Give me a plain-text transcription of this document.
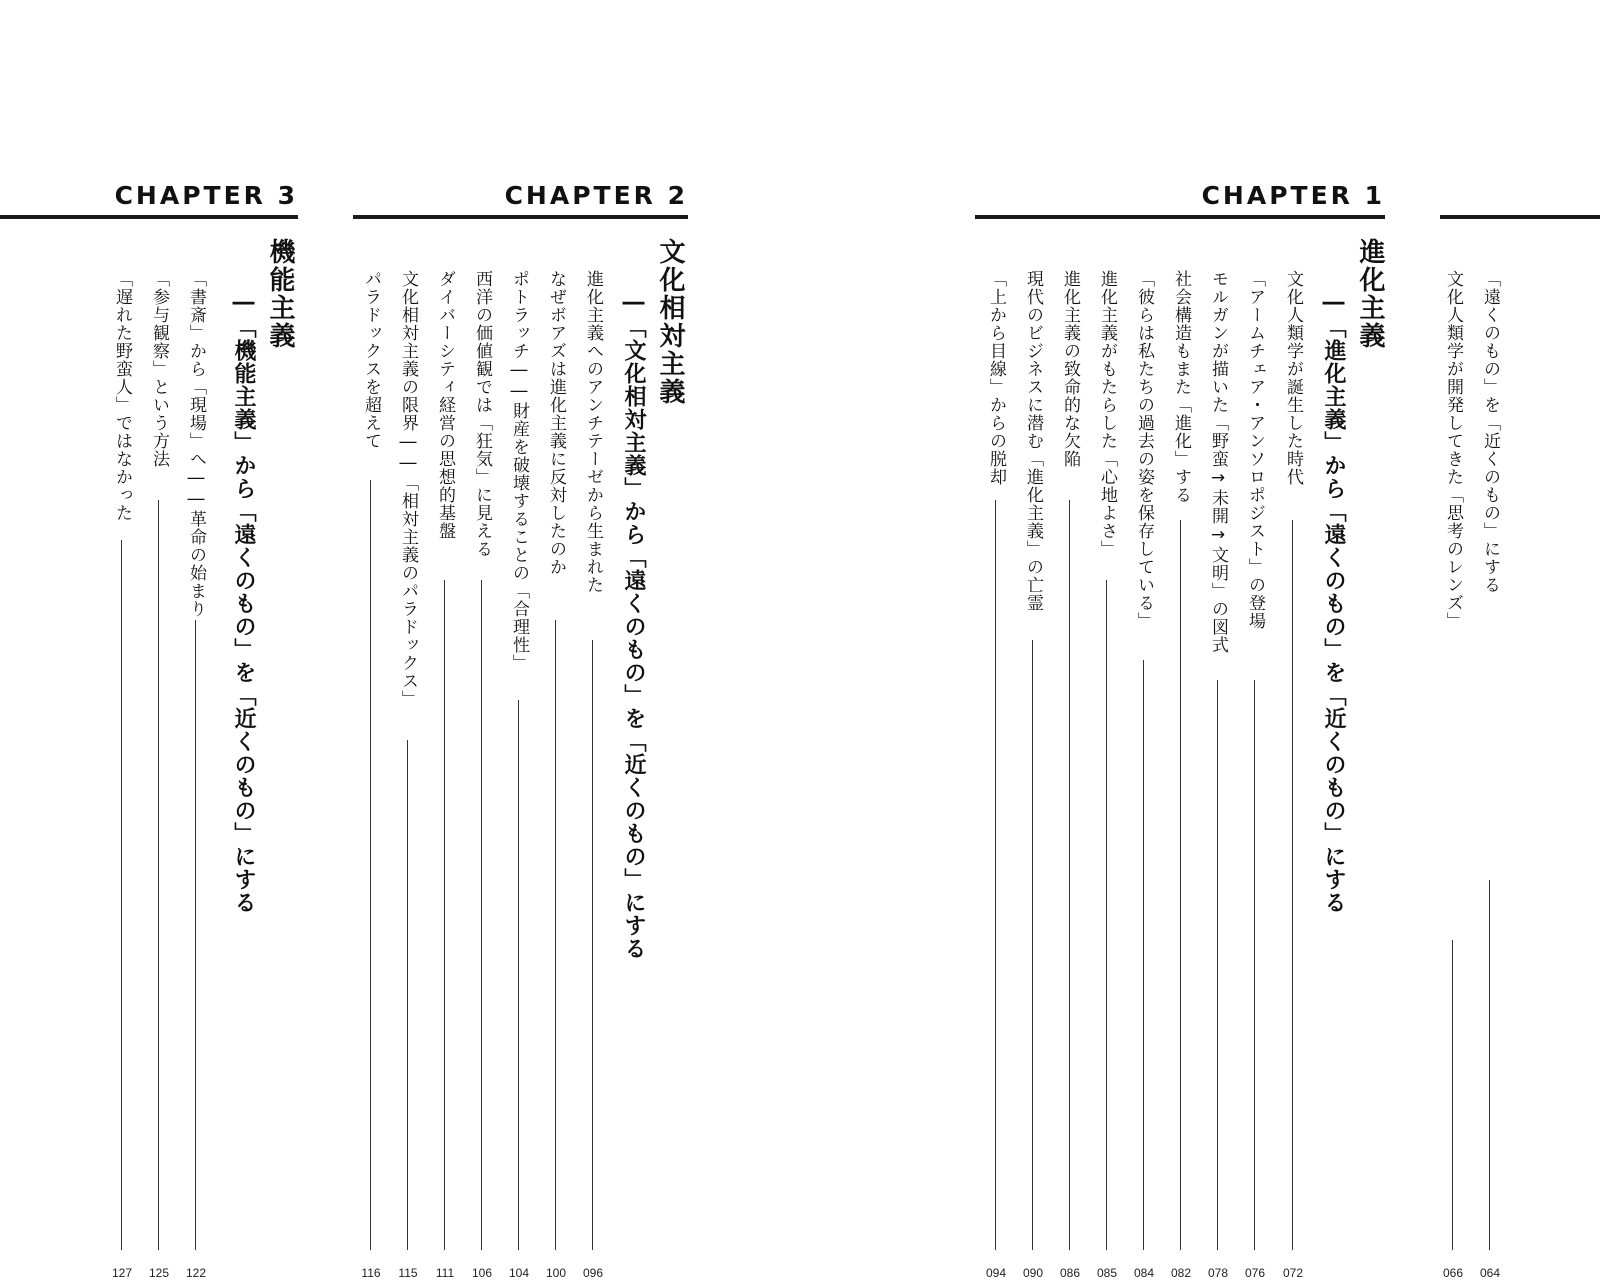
「遠くのもの」を「近くのもの」にする
064
文化人類学が開発してきた「思考のレンズ」
066
CHAPTER 1
進化主義
―「進化主義」から「遠くのもの」を「近くのもの」にする
文化人類学が誕生した時代
072
「アームチェア・アンソロポジスト」の登場
076
モルガンが描いた「野蛮→未開→文明」の図式
078
社会構造もまた「進化」する
082
「彼らは私たちの過去の姿を保存している」
084
進化主義がもたらした「心地よさ」
085
進化主義の致命的な欠陥
086
現代のビジネスに潜む「進化主義」の亡霊
090
「上から目線」からの脱却
094
CHAPTER 2
文化相対主義
―「文化相対主義」から「遠くのもの」を「近くのもの」にする
進化主義へのアンチテーゼから生まれた
096
なぜボアズは進化主義に反対したのか
100
ポトラッチ――財産を破壊することの「合理性」
104
西洋の価値観では「狂気」に見える
106
ダイバーシティ経営の思想的基盤
111
文化相対主義の限界――「相対主義のパラドックス」
115
パラドックスを超えて
116
CHAPTER 3
機能主義
―「機能主義」から「遠くのもの」を「近くのもの」にする
「書斎」から「現場」へ――革命の始まり
122
「参与観察」という方法
125
「遅れた野蛮人」ではなかった
127
